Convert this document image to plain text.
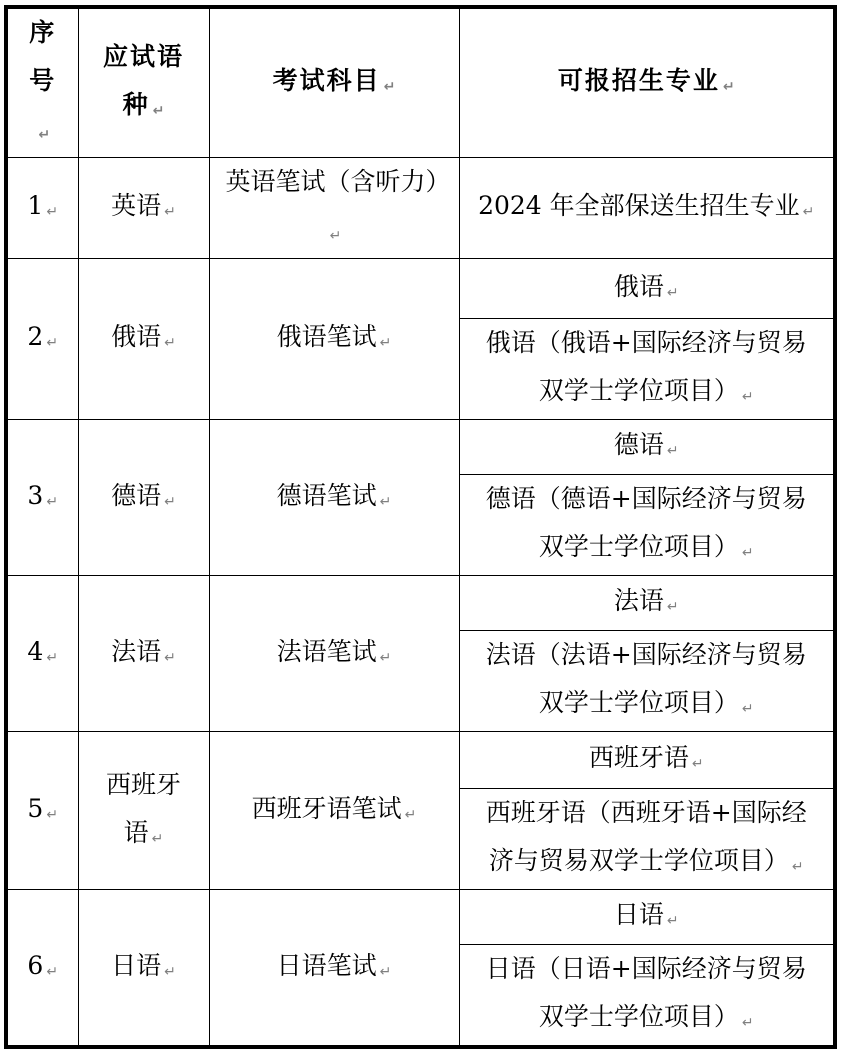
序号↵	应试语种 ↵	考试科目 ↵	可报招生专业 ↵
1 ↵	英语 ↵	英语笔试（含听力）↵	2024 年全部保送生招生专业 ↵
2 ↵	俄语 ↵	俄语笔试 ↵	俄语 ↵
			俄语（俄语+国际经济与贸易双学士学位项目） ↵
3 ↵	德语 ↵	德语笔试 ↵	德语 ↵
			德语（德语+国际经济与贸易双学士学位项目） ↵
4 ↵	法语 ↵	法语笔试 ↵	法语 ↵
			法语（法语+国际经济与贸易双学士学位项目） ↵
5 ↵	西班牙语 ↵	西班牙语笔试 ↵	西班牙语 ↵
			西班牙语（西班牙语+国际经济与贸易双学士学位项目） ↵
6 ↵	日语 ↵	日语笔试 ↵	日语 ↵
			日语（日语+国际经济与贸易双学士学位项目） ↵
